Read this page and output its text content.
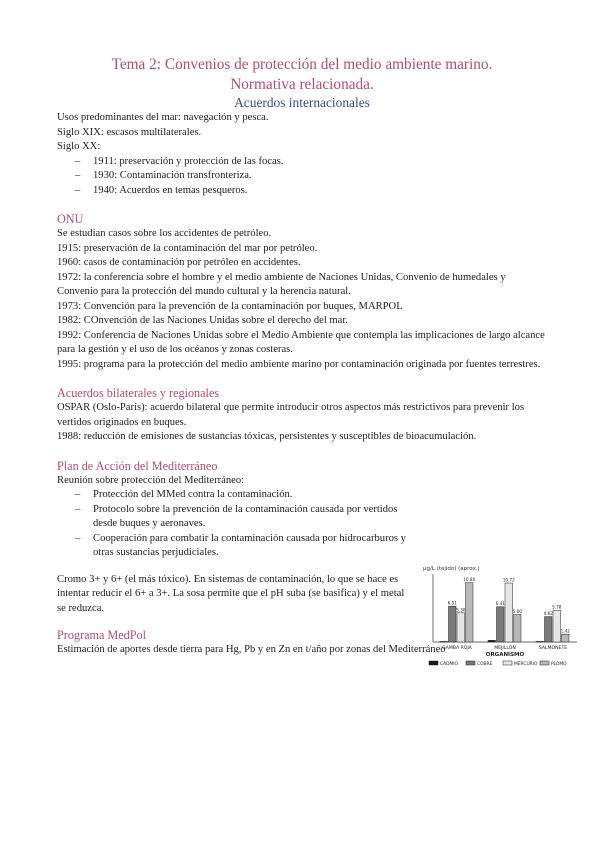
Tema 2: Convenios de protección del medio ambiente marino.
Normativa relacionada.
Acuerdos internacionales

Usos predominantes del mar: navegación y pesca.

Siglo XIX: escasos multilaterales.

Siglo XX:

– 1911: preservación y protección de las focas.
– 1930: Contaminación transfronteriza.
– 1940: Acuerdos en temas pesqueros.
ONU

Se estudian casos sobre los accidentes de petróleo.

1915: preservación de la contaminación del mar por petróleo.

1960: casos de contaminación por petróleo en accidentes.

1972: la conferencia sobre el hombre y el medio ambiente de Naciones Unidas, Convenio de humedales y Convenio para la protección del mundo cultural y la herencia natural.

1973: Convención para la prevención de la contaminación por buques, MARPOL

1982: COnvención de las Naciones Unidas sobre el derecho del mar.

1992: Conferencia de Naciones Unidas sobre el Medio Ambiente que contempla las implicaciones de largo alcance para la gestión y el uso de los océanos y zonas costeras.

1995: programa para la protección del medio ambiente marino por contaminación originada por fuentes terrestres.

Acuerdos bilaterales y regionales

OSPAR (Oslo-París): acuerdo bilateral que permite introducir otros aspectos más restrictivos para prevenir los vertidos originados en buques.

1988: reducción de emisiones de sustancias tóxicas, persistentes y susceptibles de bioacumulación.

Plan de Acción del Mediterráneo

Reunión sobre protección del Mediterráneo:

– Protección del MMed contra la contaminación.
– Protocolo sobre la prevención de la contaminación causada por vertidos desde buques y aeronaves.
– Cooperación para combatir la contaminación causada por hidrocarburos y otras sustancias perjudiciales.

Cromo 3+ y 6+ (el más tóxico). En sistemas de contaminación, lo que se hace es intentar reducir el 6+ a 3+. La sosa permite que el pH suba (se basifica) y el metal se reduzca.

Programa MedPol

Estimación de aportes desde tierra para Hg, Pb y en Zn en t/año por zonas del Mediterráneo

µg/L (tejido) (aprox.)
6.51
5.30
10.80
6.41
10.72
5.00	4.62
5.78
1.42
GAMBA ROJA	MEJILLÓN	SALMONETE
ORGANISMO
CADMIO	COBRE	MERCURIO	PLOMO
